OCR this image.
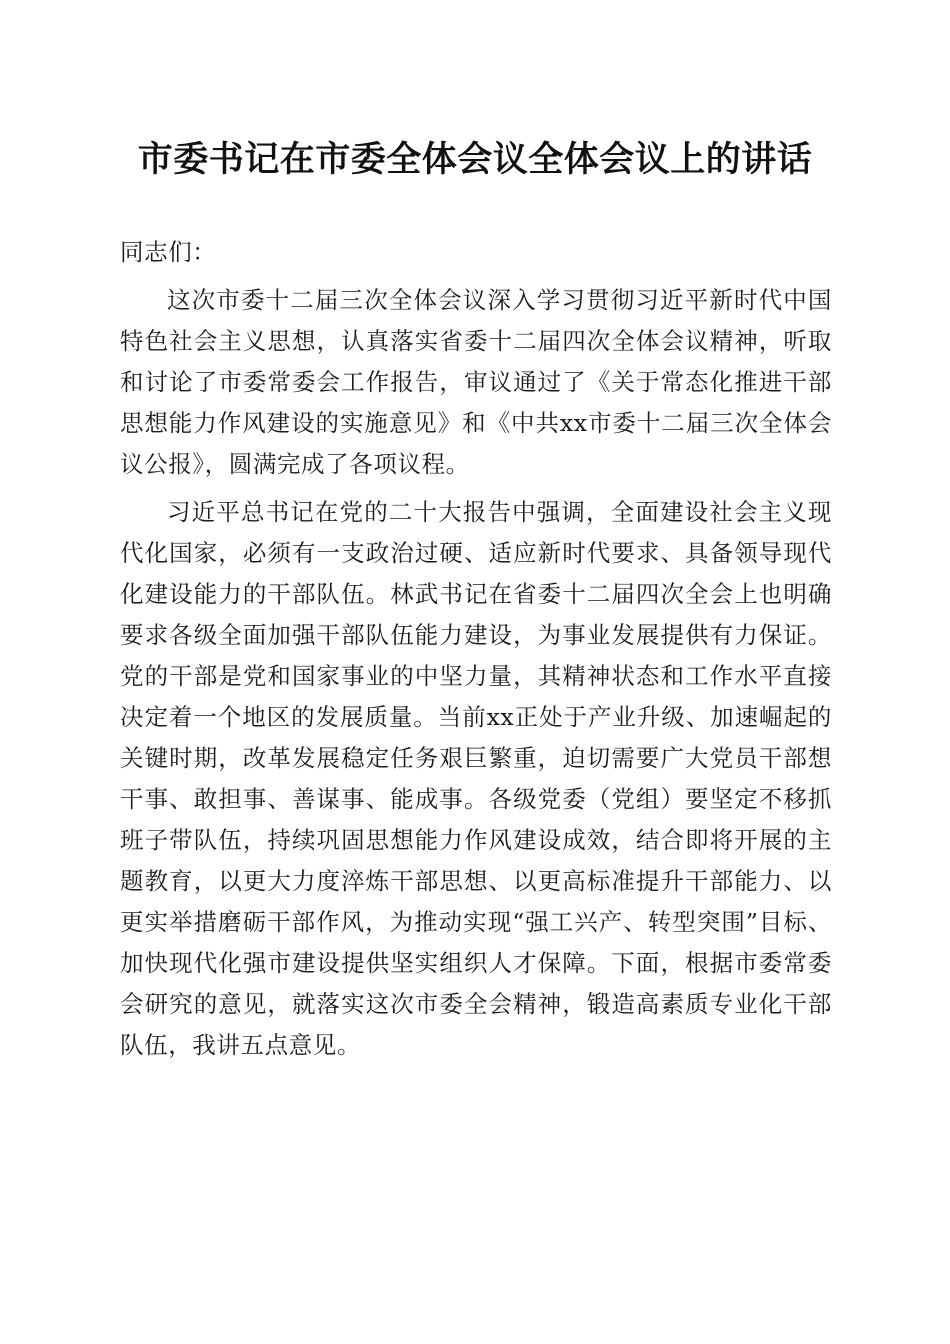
市委书记在市委全体会议全体会议上的讲话

同志们：

这次市委十二届三次全体会议深入学习贯彻习近平新时代中国特色社会主义思想，认真落实省委十二届四次全体会议精神，听取和讨论了市委常委会工作报告，审议通过了《关于常态化推进干部思想能力作风建设的实施意见》和《中共xx市委十二届三次全体会议公报》，圆满完成了各项议程。

习近平总书记在党的二十大报告中强调，全面建设社会主义现代化国家，必须有一支政治过硬、适应新时代要求、具备领导现代化建设能力的干部队伍。林武书记在省委十二届四次全会上也明确要求各级全面加强干部队伍能力建设，为事业发展提供有力保证。党的干部是党和国家事业的中坚力量，其精神状态和工作水平直接决定着一个地区的发展质量。当前xx正处于产业升级、加速崛起的关键时期，改革发展稳定任务艰巨繁重，迫切需要广大党员干部想干事、敢担事、善谋事、能成事。各级党委（党组）要坚定不移抓班子带队伍，持续巩固思想能力作风建设成效，结合即将开展的主题教育，以更大力度淬炼干部思想、以更高标准提升干部能力、以更实举措磨砺干部作风，为推动实现“强工兴产、转型突围”目标、加快现代化强市建设提供坚实组织人才保障。下面，根据市委常委会研究的意见，就落实这次市委全会精神，锻造高素质专业化干部队伍，我讲五点意见。
